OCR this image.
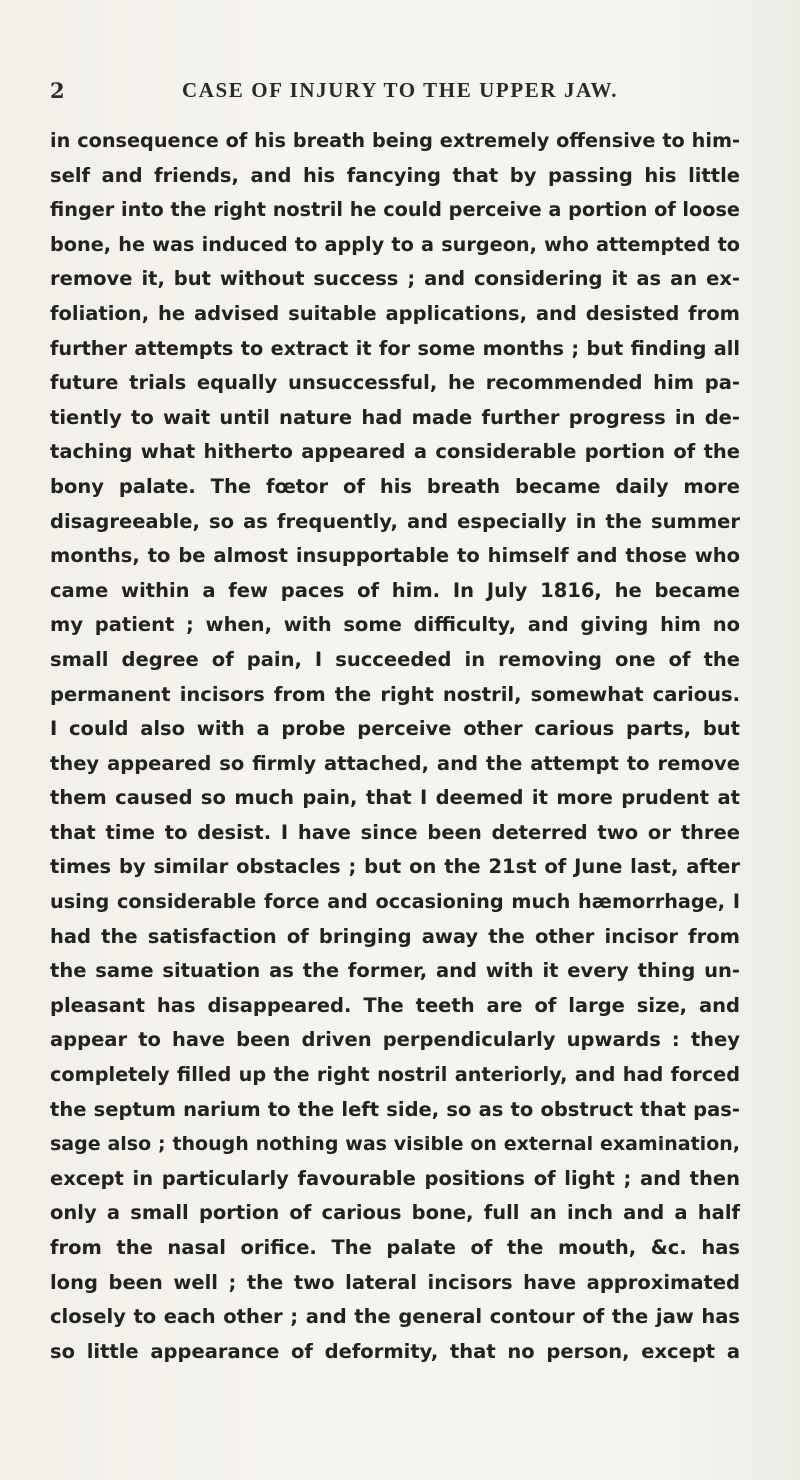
2	CASE OF INJURY TO THE UPPER JAW.
in consequence of his breath being extremely offensive to him-
self and friends, and his fancying that by passing his little
finger into the right nostril he could perceive a portion of loose
bone, he was induced to apply to a surgeon, who attempted to
remove it, but without success ; and considering it as an ex-
foliation, he advised suitable applications, and desisted from
further attempts to extract it for some months ; but finding all
future trials equally unsuccessful, he recommended him pa-
tiently to wait until nature had made further progress in de-
taching what hitherto appeared a considerable portion of the
bony palate. The fœtor of his breath became daily more
disagreeable, so as frequently, and especially in the summer
months, to be almost insupportable to himself and those who
came within a few paces of him. In July 1816, he became
my patient ; when, with some difficulty, and giving him no
small degree of pain, I succeeded in removing one of the
permanent incisors from the right nostril, somewhat carious.
I could also with a probe perceive other carious parts, but
they appeared so firmly attached, and the attempt to remove
them caused so much pain, that I deemed it more prudent at
that time to desist. I have since been deterred two or three
times by similar obstacles ; but on the 21st of June last, after
using considerable force and occasioning much hæmorrhage, I
had the satisfaction of bringing away the other incisor from
the same situation as the former, and with it every thing un-
pleasant has disappeared. The teeth are of large size, and
appear to have been driven perpendicularly upwards : they
completely filled up the right nostril anteriorly, and had forced
the septum narium to the left side, so as to obstruct that pas-
sage also ; though nothing was visible on external examination,
except in particularly favourable positions of light ; and then
only a small portion of carious bone, full an inch and a half
from the nasal orifice. The palate of the mouth, &c. has
long been well ; the two lateral incisors have approximated
closely to each other ; and the general contour of the jaw has
so little appearance of deformity, that no person, except a
